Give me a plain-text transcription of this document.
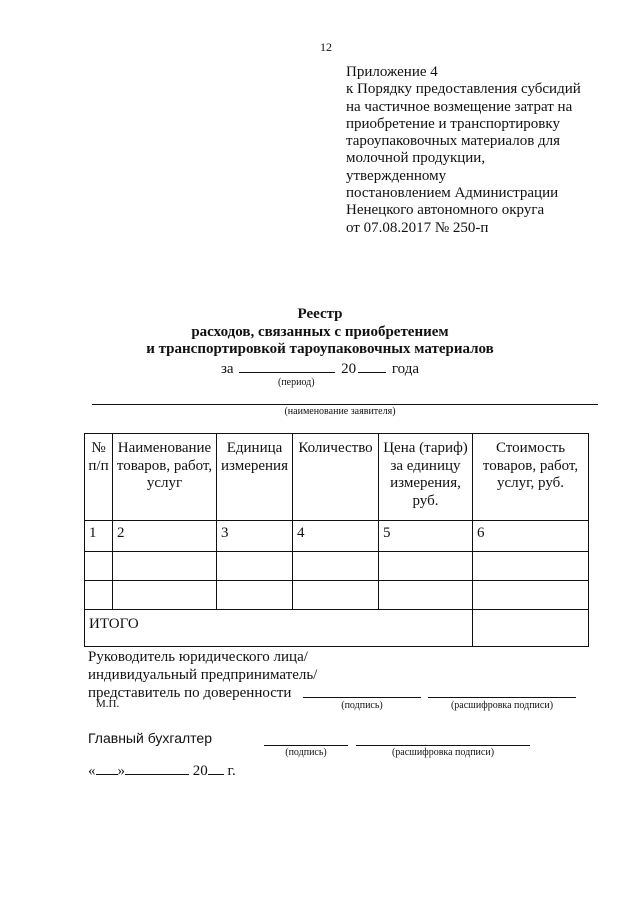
12
Приложение 4
к Порядку предоставления субсидий
на частичное возмещение затрат на
приобретение и транспортировку
тароупаковочных материалов для
молочной продукции,
утвержденному
постановлением Администрации
Ненецкого автономного округа
от 07.08.2017 № 250-п
Реестр
расходов, связанных с приобретением
и транспортировкой тароупаковочных материалов
за	20 года
(период)
(наименование заявителя)
№ п/п	Наименование товаров, работ, услуг	Единица измерения	Количество	Цена (тариф) за единицу измерения, руб.	Стоимость товаров, работ, услуг, руб.
1	2	3	4	5	6

ИТОГО					
Руководитель юридического лица/
индивидуальный предприниматель/
представитель по доверенности
М.П.	(подпись)	(расшифровка подписи)
Главный бухгалтер
(подпись)	(расшифровка подписи)
« »	20 г.
